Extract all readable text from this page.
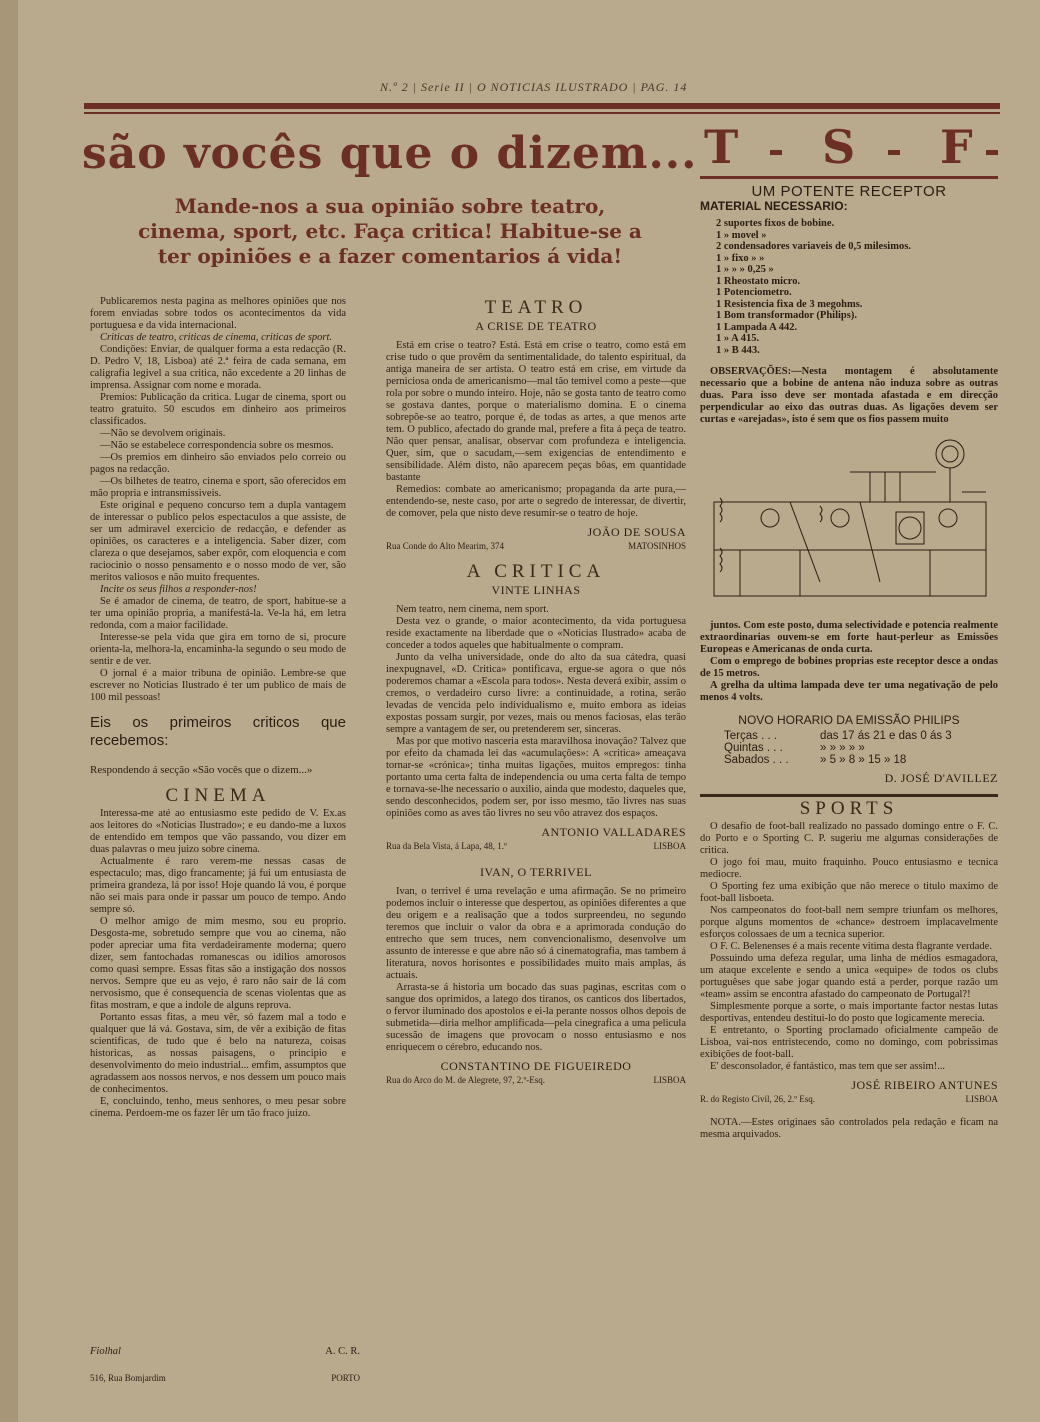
N.º 2 | Serie II | O NOTICIAS ILUSTRADO | PAG. 14
são vocês que o dizem... T S F
Mande-nos a sua opinião sobre teatro, cinema, sport, etc. Faça critica! Habitue-se a ter opiniões e a fazer comentarios á vida!

Publicaremos nesta pagina as melhores opiniões que nos forem enviadas sobre todos os acontecimentos da vida portuguesa e da vida internacional.

Criticas de teatro, criticas de cinema, criticas de sport.

Condições: Enviar, de qualquer forma a esta redacção (R. D. Pedro V, 18, Lisboa) até 2.ª feira de cada semana, em caligrafia legivel a sua critica, não excedente a 20 linhas de imprensa. Assignar com nome e morada.

Premios: Publicação da critica. Lugar de cinema, sport ou teatro gratuito. 50 escudos em dinheiro aos primeiros classificados.

—Não se devolvem originais.

—Não se estabelece correspondencia sobre os mesmos.

—Os premios em dinheiro são enviados pelo correio ou pagos na redacção.

—Os bilhetes de teatro, cinema e sport, são oferecidos em mão propria e intransmissiveis.

Este original e pequeno concurso tem a dupla vantagem de interessar o publico pelos espectaculos a que assiste, de ser um admiravel exercicio de redacção, e defender as opiniões, os caracteres e a inteligencia. Saber dizer, com clareza o que desejamos, saber expôr, com eloquencia e com raciocinio o nosso pensamento e o nosso modo de ver, são meritos valiosos e não muito frequentes.

Incite os seus filhos a responder-nos!

Se é amador de cinema, de teatro, de sport, habitue-se a ter uma opinião propria, a manifestá-la. Ve-la há, em letra redonda, com a maior facilidade.

Interesse-se pela vida que gira em torno de si, procure orienta-la, melhora-la, encaminha-la segundo o seu modo de sentir e de ver.

O jornal é a maior tribuna de opinião. Lembre-se que escrever no Noticias Ilustrado é ter um publico de mais de 100 mil pessoas!

Eis os primeiros criticos que recebemos:
Respondendo á secção «São vocês que o dizem...»
CINEMA

Interessa-me até ao entusiasmo este pedido de V. Ex.as aos leitores do «Noticias Ilustrado»; e eu dando-me a luxos de entendido em tempos que vão passando, vou dizer em duas palavras o meu juizo sobre cinema.

Actualmente é raro verem-me nessas casas de espectaculo; mas, digo francamente; já fui um entusiasta de primeira grandeza, lá por isso! Hoje quando lá vou, é porque não sei mais para onde ir passar um pouco de tempo. Ando sempre só.

O melhor amigo de mim mesmo, sou eu proprio. Desgosta-me, sobretudo sempre que vou ao cinema, não poder apreciar uma fita verdadeiramente moderna; quero dizer, sem fantochadas romanescas ou idilios amorosos como quasi sempre. Essas fitas são a instigação dos nossos nervos. Sempre que eu as vejo, é raro não sair de lá com nervosismo, que é consequencia de scenas violentas que as fitas mostram, e que a indole de alguns reprova.

Portanto essas fitas, a meu vêr, só fazem mal a todo e qualquer que lá vá. Gostava, sim, de vêr a exibição de fitas scientificas, de tudo que é belo na natureza, coisas historicas, as nossas paisagens, o principio e desenvolvimento do meio industrial... emfim, assumptos que agradassem aos nossos nervos, e nos dessem um pouco mais de conhecimentos.

E, concluindo, tenho, meus senhores, o meu pesar sobre cinema. Perdoem-me os fazer lêr um tão fraco juizo.

Fiolhal	A. C. R.
516, Rua Bomjardim	PORTO
TEATRO
A CRISE DE TEATRO

Está em crise o teatro? Está. Está em crise o teatro, como está em crise tudo o que provêm da sentimentalidade, do talento espiritual, da antiga maneira de ser artista. O teatro está em crise, em virtude da perniciosa onda de americanismo—mal tão temivel como a peste—que rola por sobre o mundo inteiro. Hoje, não se gosta tanto de teatro como se gostava dantes, porque o materialismo domina. E o cinema sobrepõe-se ao teatro, porque é, de todas as artes, a que menos arte tem. O publico, afectado do grande mal, prefere a fita á peça de teatro. Não quer pensar, analisar, observar com profundeza e inteligencia. Quer, sim, que o sacudam,—sem exigencias de entendimento e sensibilidade. Além disto, não aparecem peças bôas, em quantidade bastante

Remedios: combate ao americanismo; propaganda da arte pura,—entendendo-se, neste caso, por arte o segredo de interessar, de divertir, de comover, pela que nisto deve resumir-se o teatro de hoje.

JOÃO DE SOUSA
Rua Conde do Alto Mearim, 374	MATOSINHOS
A CRITICA
VINTE LINHAS

Nem teatro, nem cinema, nem sport.

Desta vez o grande, o maior acontecimento, da vida portuguesa reside exactamente na liberdade que o «Noticias Ilustrado» acaba de conceder a todos aqueles que habitualmente o compram.

Junto da velha universidade, onde do alto da sua cátedra, quasi inexpugnavel, «D. Critica» pontificava, ergue-se agora o que nós poderemos chamar a «Escola para todos». Nesta deverá exibir, assim o cremos, o verdadeiro curso livre: a continuidade, a rotina, serão levadas de vencida pelo individualismo e, muito embora as ideias expostas possam surgir, por vezes, mais ou menos faciosas, elas terão sempre a vantagem de ser, ou pretenderem ser, sinceras.

Mas por que motivo nasceria esta maravilhosa inovação? Talvez que por efeito da chamada lei das «acumulações»: A «critica» ameaçava tornar-se «crónica»; tinha muitas ligações, muitos empregos: tinha portanto uma certa falta de independencia ou uma certa falta de tempo e tornava-se-lhe necessario o auxilio, ainda que modesto, daqueles que, sendo desconhecidos, podem ser, por isso mesmo, tão livres nas suas opiniões como as aves tão livres no seu vôo atravez dos espaços.

ANTONIO VALLADARES
Rua da Bela Vista, á Lapa, 48, 1.º	LISBOA
IVAN, O TERRIVEL

Ivan, o terrivel é uma revelação e uma afirmação. Se no primeiro podemos incluir o interesse que despertou, as opiniões diferentes a que deu origem e a realisação que a todos surpreendeu, no segundo teremos que incluir o valor da obra e a aprimorada condução do entrecho que sem truces, nem convencionalismo, desenvolve um assunto de interesse e que abre não só á cinematografia, mas tambem á literatura, novos horisontes e possibilidades muito mais amplas, ás actuais.

Arrasta-se á historia um bocado das suas paginas, escritas com o sangue dos oprimidos, a latego dos tiranos, os canticos dos libertados, o fervor iluminado dos apostolos e ei-la perante nossos olhos depois de submetida—diria melhor amplificada—pela cinegrafica a uma pelicula sucessão de imagens que provocam o nosso entusiasmo e nos enriquecem o cérebro, educando nos.

CONSTANTINO DE FIGUEIREDO
Rua do Arco do M. de Alegrete, 97, 2.º-Esq.	LISBOA
UM POTENTE RECEPTOR
MATERIAL NECESSARIO:
2 suportes fixos de bobine.
1 » movel »
2 condensadores variaveis de 0,5 milesimos.
1 » fixo » »
1 » » » 0,25 »
1 Rheostato micro.
1 Potenciometro.
1 Resistencia fixa de 3 megohms.
1 Bom transformador (Philips).
1 Lampada A 442.
1 » A 415.
1 » B 443.

OBSERVAÇÕES:—Nesta montagem é absolutamente necessario que a bobine de antena não induza sobre as outras duas. Para isso deve ser montada afastada e em direcção perpendicular ao eixo das outras duas. As ligações devem ser curtas e «arejadas», isto é sem que os fios passem muito

juntos. Com este posto, duma selectividade e potencia realmente extraordinarias ouvem-se em forte haut-perleur as Emissões Europeas e Americanas de onda curta.

Com o emprego de bobines proprias este receptor desce a ondas de 15 metros.

A grelha da ultima lampada deve ter uma negativação de pelo menos 4 volts.

NOVO HORARIO DA EMISSÃO PHILIPS
Terças . . .	das 17 ás 21 e das 0 ás 3
Quintas . . .	» » » » »
Sabados . . .	» 5 » 8 » 15 » 18
D. JOSÉ D'AVILLEZ
SPORTS

O desafio de foot-ball realizado no passado domingo entre o F. C. do Porto e o Sporting C. P. sugeriu me algumas considerações de critica.

O jogo foi mau, muito fraquinho. Pouco entusiasmo e tecnica mediocre.

O Sporting fez uma exibição que não merece o titulo maximo de foot-ball lisboeta.

Nos campeonatos do foot-ball nem sempre triunfam os melhores, porque alguns momentos de «chance» destroem implacavelmente esforços colossaes de um a tecnica superior.

O F. C. Belenenses é a mais recente vitima desta flagrante verdade.

Possuindo uma defeza regular, uma linha de médios esmagadora, um ataque excelente e sendo a unica «equipe» de todos os clubs portuguêses que sabe jogar quando está a perder, porque razão um «team» assim se encontra afastado do campeonato de Portugal?!

Simplesmente porque a sorte, o mais importante factor nestas lutas desportivas, entendeu destitui-lo do posto que logicamente merecia.

E entretanto, o Sporting proclamado oficialmente campeão de Lisboa, vai-nos entristecendo, como no domingo, com pobrissimas exibições de foot-ball.

E' desconsolador, é fantástico, mas tem que ser assim!...

JOSÉ RIBEIRO ANTUNES
R. do Registo Civil, 26, 2.º Esq.	LISBOA

NOTA.—Estes originaes são controlados pela redação e ficam na mesma arquivados.
